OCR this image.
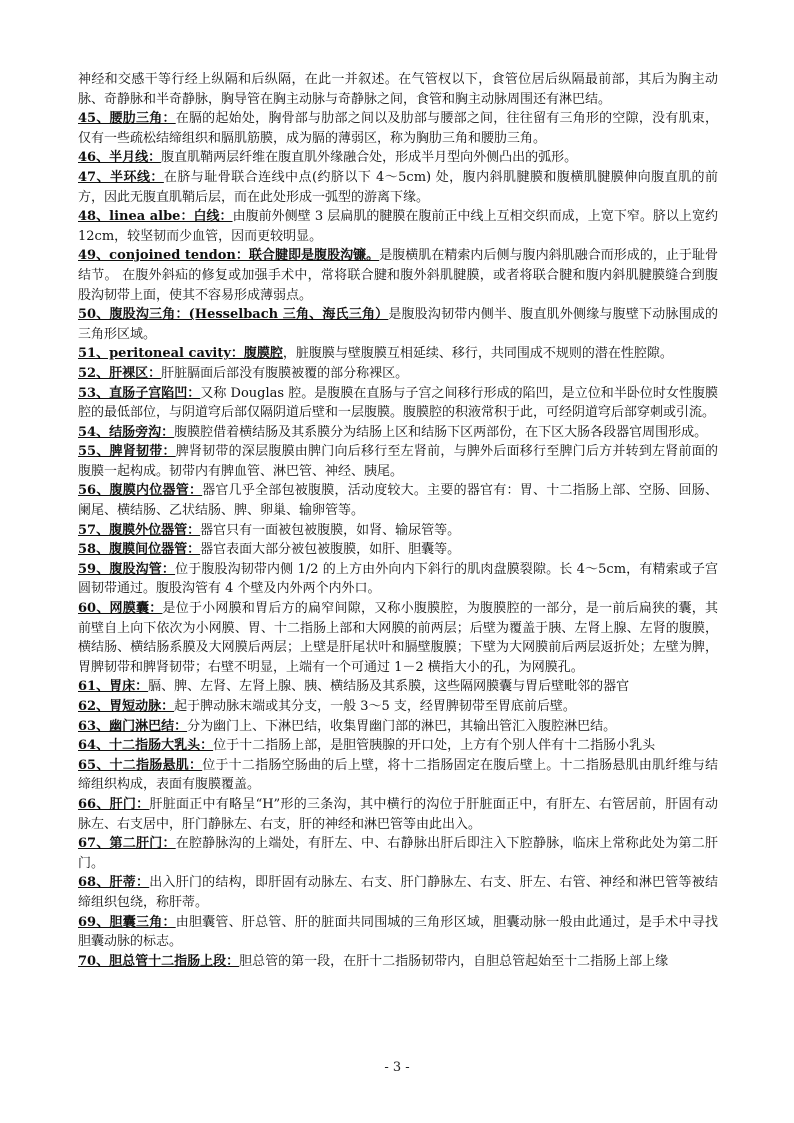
神经和交感干等行经上纵隔和后纵隔，在此一并叙述。在气管杈以下，食管位居后纵隔最前部，其后为胸主动脉、奇静脉和半奇静脉，胸导管在胸主动脉与奇静脉之间，食管和胸主动脉周围还有淋巴结。

45、腰肋三角：在膈的起始处，胸骨部与肋部之间以及肋部与腰部之间，往往留有三角形的空隙，没有肌束，仅有一些疏松结缔组织和膈肌筋膜，成为膈的薄弱区，称为胸肋三角和腰肋三角。

46、半月线：腹直肌鞘两层纤维在腹直肌外缘融合处，形成半月型向外侧凸出的弧形。

47、半环线：在脐与耻骨联合连线中点(约脐以下 4～5cm) 处，腹内斜肌腱膜和腹横肌腱膜伸向腹直肌的前方，因此无腹直肌鞘后层，而在此处形成一弧型的游离下缘。

48、linea albe：白线：由腹前外侧壁 3 层扁肌的腱膜在腹前正中线上互相交织而成，上宽下窄。脐以上宽约 12cm，较坚韧而少血管，因而更较明显。

49、conjoined tendon：联合腱即是腹股沟镰。是腹横肌在精索内后侧与腹内斜肌融合而形成的，止于耻骨结节。 在腹外斜疝的修复或加强手术中，常将联合腱和腹外斜肌腱膜，或者将联合腱和腹内斜肌腱膜缝合到腹股沟韧带上面，使其不容易形成薄弱点。

50、腹股沟三角：(Hesselbach 三角、海氏三角）是腹股沟韧带内侧半、腹直肌外侧缘与腹壁下动脉围成的三角形区域。

51、peritoneal cavity：腹膜腔，脏腹膜与壁腹膜互相延续、移行，共同围成不规则的潜在性腔隙。

52、肝裸区：肝脏膈面后部没有腹膜被覆的部分称裸区。

53、直肠子宫陷凹：又称 Douglas 腔。是腹膜在直肠与子宫之间移行形成的陷凹，是立位和半卧位时女性腹膜腔的最低部位，与阴道穹后部仅隔阴道后壁和一层腹膜。腹膜腔的积液常积于此，可经阴道穹后部穿刺或引流。

54、结肠旁沟：腹膜腔借着横结肠及其系膜分为结肠上区和结肠下区两部份，在下区大肠各段器官周围形成。

55、脾肾韧带：脾肾韧带的深层腹膜由脾门向后移行至左肾前，与脾外后面移行至脾门后方并转到左肾前面的腹膜一起构成。韧带内有脾血管、淋巴管、神经、胰尾。

56、腹膜内位器管：器官几乎全部包被腹膜，活动度较大。主要的器官有：胃、十二指肠上部、空肠、回肠、阑尾、横结肠、乙状结肠、脾、卵巢、输卵管等。

57、腹膜外位器管：器官只有一面被包被腹膜，如肾、输尿管等。

58、腹膜间位器管：器官表面大部分被包被腹膜，如肝、胆囊等。

59、腹股沟管：位于腹股沟韧带内侧 1/2 的上方由外向内下斜行的肌肉盘膜裂隙。长 4～5cm，有精索或子宫圆韧带通过。腹股沟管有 4 个壁及内外两个内外口。

60、网膜囊：是位于小网膜和胃后方的扁窄间隙，又称小腹膜腔，为腹膜腔的一部分，是一前后扁狭的囊，其前壁自上向下依次为小网膜、胃、十二指肠上部和大网膜的前两层；后壁为覆盖于胰、左肾上腺、左肾的腹膜，横结肠、横结肠系膜及大网膜后两层；上壁是肝尾状叶和膈壁腹膜；下壁为大网膜前后两层返折处；左壁为脾，胃脾韧带和脾肾韧带；右壁不明显，上端有一个可通过 1－2 横指大小的孔，为网膜孔。

61、胃床：膈、脾、左肾、左肾上腺、胰、横结肠及其系膜，这些隔网膜囊与胃后壁毗邻的器官

62、胃短动脉：起于脾动脉末端或其分支，一般 3～5 支，经胃脾韧带至胃底前后壁。

63、幽门淋巴结：分为幽门上、下淋巴结，收集胃幽门部的淋巴，其输出管汇入腹腔淋巴结。

64、十二指肠大乳头：位于十二指肠上部，是胆管胰腺的开口处，上方有个别人伴有十二指肠小乳头

65、十二指肠悬肌：位于十二指肠空肠曲的后上壁，将十二指肠固定在腹后壁上。十二指肠悬肌由肌纤维与结缔组织构成，表面有腹膜覆盖。

66、肝门：肝脏面正中有略呈“H”形的三条沟，其中横行的沟位于肝脏面正中，有肝左、右管居前，肝固有动脉左、右支居中，肝门静脉左、右支，肝的神经和淋巴管等由此出入。

67、第二肝门：在腔静脉沟的上端处，有肝左、中、右静脉出肝后即注入下腔静脉，临床上常称此处为第二肝门。

68、肝蒂：出入肝门的结构，即肝固有动脉左、右支、肝门静脉左、右支、肝左、右管、神经和淋巴管等被结缔组织包绕，称肝蒂。

69、胆囊三角：由胆囊管、肝总管、肝的脏面共同围城的三角形区域，胆囊动脉一般由此通过，是手术中寻找胆囊动脉的标志。

70、胆总管十二指肠上段：胆总管的第一段，在肝十二指肠韧带内，自胆总管起始至十二指肠上部上缘

- 3 -
